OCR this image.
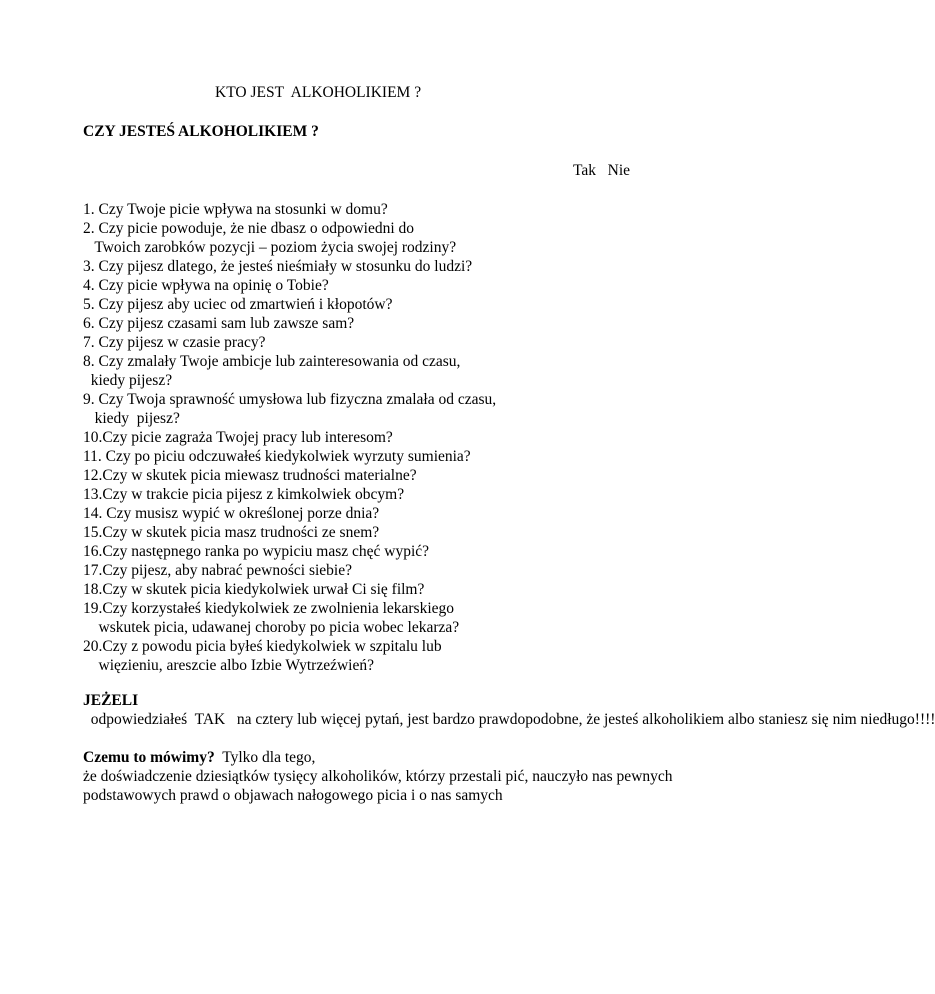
KTO JEST  ALKOHOLIKIEM ?
CZY JESTEŚ ALKOHOLIKIEM ?
Tak Nie
1. Czy Twoje picie wpływa na stosunki w domu?
2. Czy picie powoduje, że nie dbasz o odpowiedni do
Twoich zarobków pozycji – poziom życia swojej rodziny?
3. Czy pijesz dlatego, że jesteś nieśmiały w stosunku do ludzi?
4. Czy picie wpływa na opinię o Tobie?
5. Czy pijesz aby uciec od zmartwień i kłopotów?
6. Czy pijesz czasami sam lub zawsze sam?
7. Czy pijesz w czasie pracy?
8. Czy zmalały Twoje ambicje lub zainteresowania od czasu,
kiedy pijesz?
9. Czy Twoja sprawność umysłowa lub fizyczna zmalała od czasu,
kiedy  pijesz?
10.Czy picie zagraża Twojej pracy lub interesom?
11. Czy po piciu odczuwałeś kiedykolwiek wyrzuty sumienia?
12.Czy w skutek picia miewasz trudności materialne?
13.Czy w trakcie picia pijesz z kimkolwiek obcym?
14. Czy musisz wypić w określonej porze dnia?
15.Czy w skutek picia masz trudności ze snem?
16.Czy następnego ranka po wypiciu masz chęć wypić?
17.Czy pijesz, aby nabrać pewności siebie?
18.Czy w skutek picia kiedykolwiek urwał Ci się film?
19.Czy korzystałeś kiedykolwiek ze zwolnienia lekarskiego
wskutek picia, udawanej choroby po picia wobec lekarza?
20.Czy z powodu picia byłeś kiedykolwiek w szpitalu lub
więzieniu, areszcie albo Izbie Wytrzeźwień?

JEŻELI  odpowiedziałeś  TAK   na cztery lub więcej pytań, jest bardzo prawdopodobne, że jesteś alkoholikiem albo staniesz się nim niedługo!!!!

Czemu to mówimy?  Tylko dla tego,
że doświadczenie dziesiątków tysięcy alkoholików, którzy przestali pić, nauczyło nas pewnych podstawowych prawd o objawach nałogowego picia i o nas samych
